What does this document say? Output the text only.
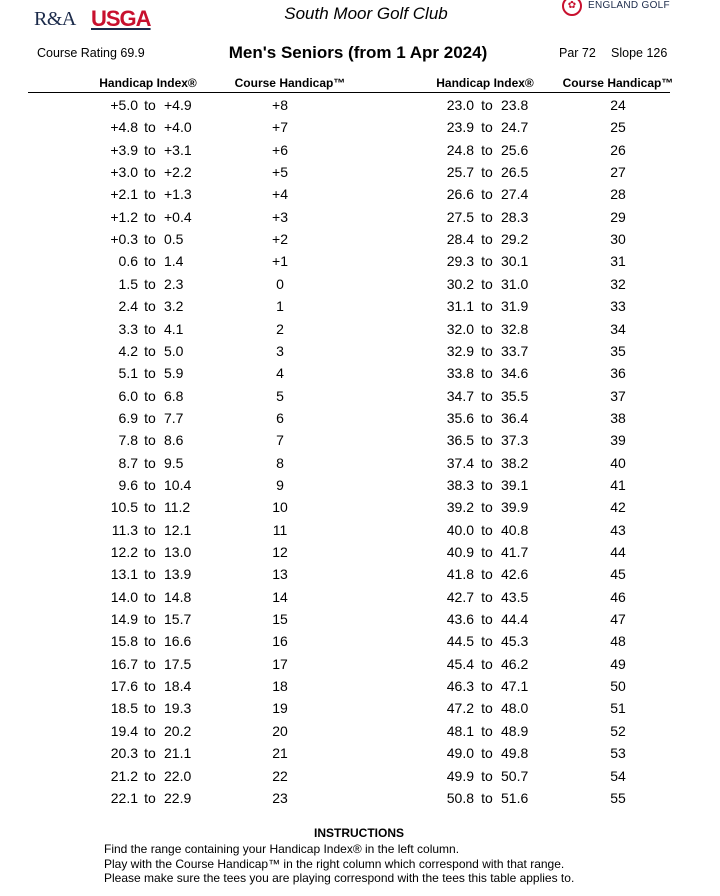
R&A USGA	South Moor Golf Club	✿	ENGLAND GOLF
Course Rating 69.9	Men's Seniors (from 1 Apr 2024)	Par 72 Slope 126
Handicap Index®	Course Handicap™	Handicap Index®	Course Handicap™
+5.0 to +4.9	+8	23.0 to 23.8	24
+4.8 to +4.0	+7	23.9 to 24.7	25
+3.9 to +3.1	+6	24.8 to 25.6	26
+3.0 to +2.2	+5	25.7 to 26.5	27
+2.1 to +1.3	+4	26.6 to 27.4	28
+1.2 to +0.4	+3	27.5 to 28.3	29
+0.3 to 0.5	+2	28.4 to 29.2	30
0.6 to 1.4	+1	29.3 to 30.1	31
1.5 to 2.3	0	30.2 to 31.0	32
2.4 to 3.2	1	31.1 to 31.9	33
3.3 to 4.1	2	32.0 to 32.8	34
4.2 to 5.0	3	32.9 to 33.7	35
5.1 to 5.9	4	33.8 to 34.6	36
6.0 to 6.8	5	34.7 to 35.5	37
6.9 to 7.7	6	35.6 to 36.4	38
7.8 to 8.6	7	36.5 to 37.3	39
8.7 to 9.5	8	37.4 to 38.2	40
9.6 to 10.4	9	38.3 to 39.1	41
10.5 to 11.2	10	39.2 to 39.9	42
11.3 to 12.1	11	40.0 to 40.8	43
12.2 to 13.0	12	40.9 to 41.7	44
13.1 to 13.9	13	41.8 to 42.6	45
14.0 to 14.8	14	42.7 to 43.5	46
14.9 to 15.7	15	43.6 to 44.4	47
15.8 to 16.6	16	44.5 to 45.3	48
16.7 to 17.5	17	45.4 to 46.2	49
17.6 to 18.4	18	46.3 to 47.1	50
18.5 to 19.3	19	47.2 to 48.0	51
19.4 to 20.2	20	48.1 to 48.9	52
20.3 to 21.1	21	49.0 to 49.8	53
21.2 to 22.0	22	49.9 to 50.7	54
22.1 to 22.9	23	50.8 to 51.6	55
INSTRUCTIONS
Find the range containing your Handicap Index® in the left column.
Play with the Course Handicap™ in the right column which correspond with that range.
Please make sure the tees you are playing correspond with the tees this table applies to.
